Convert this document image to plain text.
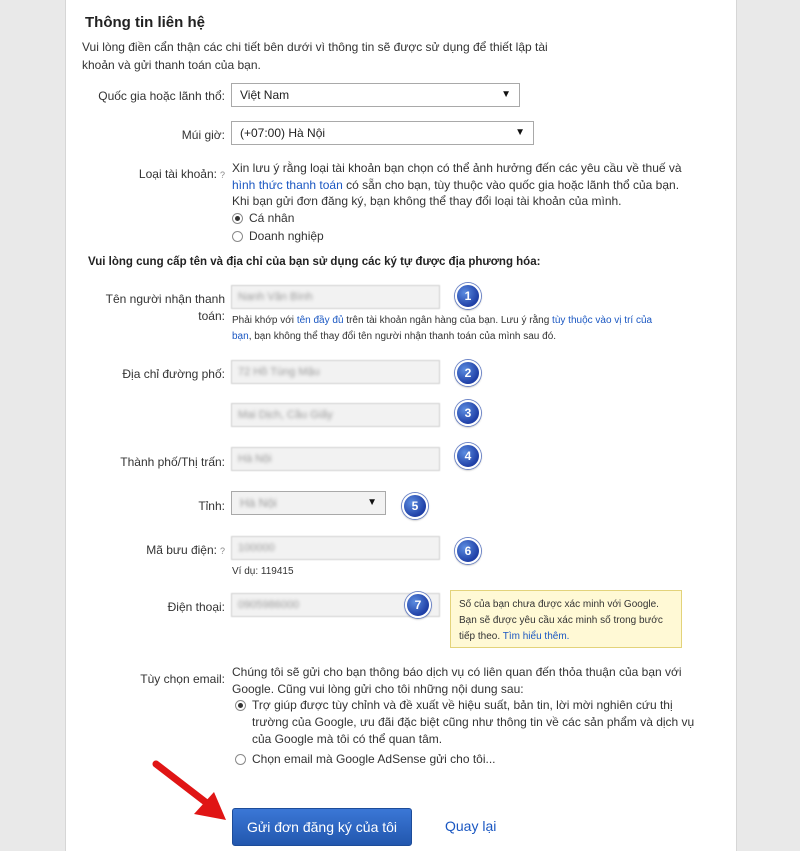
Thông tin liên hệ
Vui lòng điền cẩn thận các chi tiết bên dưới vì thông tin sẽ được sử dụng để thiết lập tài
khoản và gửi thanh toán của bạn.
Quốc gia hoặc lãnh thổ:	Việt Nam	▼
Múi giờ:	(+07:00) Hà Nội	▼
Loại tài khoản: ? Xin lưu ý rằng loại tài khoản bạn chọn có thể ảnh hưởng đến các yêu cầu về thuế và
hình thức thanh toán có sẵn cho bạn, tùy thuộc vào quốc gia hoặc lãnh thổ của bạn.
Khi bạn gửi đơn đăng ký, bạn không thể thay đổi loại tài khoản của mình.
Cá nhân
Doanh nghiệp
Vui lòng cung cấp tên và địa chỉ của bạn sử dụng các ký tự được địa phương hóa:
Tên người nhận thanh
toán:
Nanh Văn Bình	1
Phải khớp với tên đầy đủ trên tài khoản ngân hàng của bạn. Lưu ý rằng tùy thuộc vào vị trí của
bạn, bạn không thể thay đổi tên người nhận thanh toán của mình sau đó.
Địa chỉ đường phố:	72 Hồ Tùng Mậu	2
Mai Dịch, Cầu Giấy	3
Thành phố/Thị trấn:	Hà Nội	4
Tỉnh:	Hà Nội	▼	5
Mã bưu điện: ?	100000	6
Ví dụ: 119415
Điện thoại:	0905986000	7	Số của bạn chưa được xác minh với Google.
Bạn sẽ được yêu cầu xác minh số trong bước
tiếp theo. Tìm hiểu thêm.
Tùy chọn email: Chúng tôi sẽ gửi cho bạn thông báo dịch vụ có liên quan đến thỏa thuận của bạn với
Google. Cũng vui lòng gửi cho tôi những nội dung sau:
Trợ giúp được tùy chỉnh và đề xuất về hiệu suất, bản tin, lời mời nghiên cứu thị
trường của Google, ưu đãi đặc biệt cũng như thông tin về các sản phẩm và dịch vụ
của Google mà tôi có thể quan tâm.
Chọn email mà Google AdSense gửi cho tôi...
Gửi đơn đăng ký của tôi	Quay lại
